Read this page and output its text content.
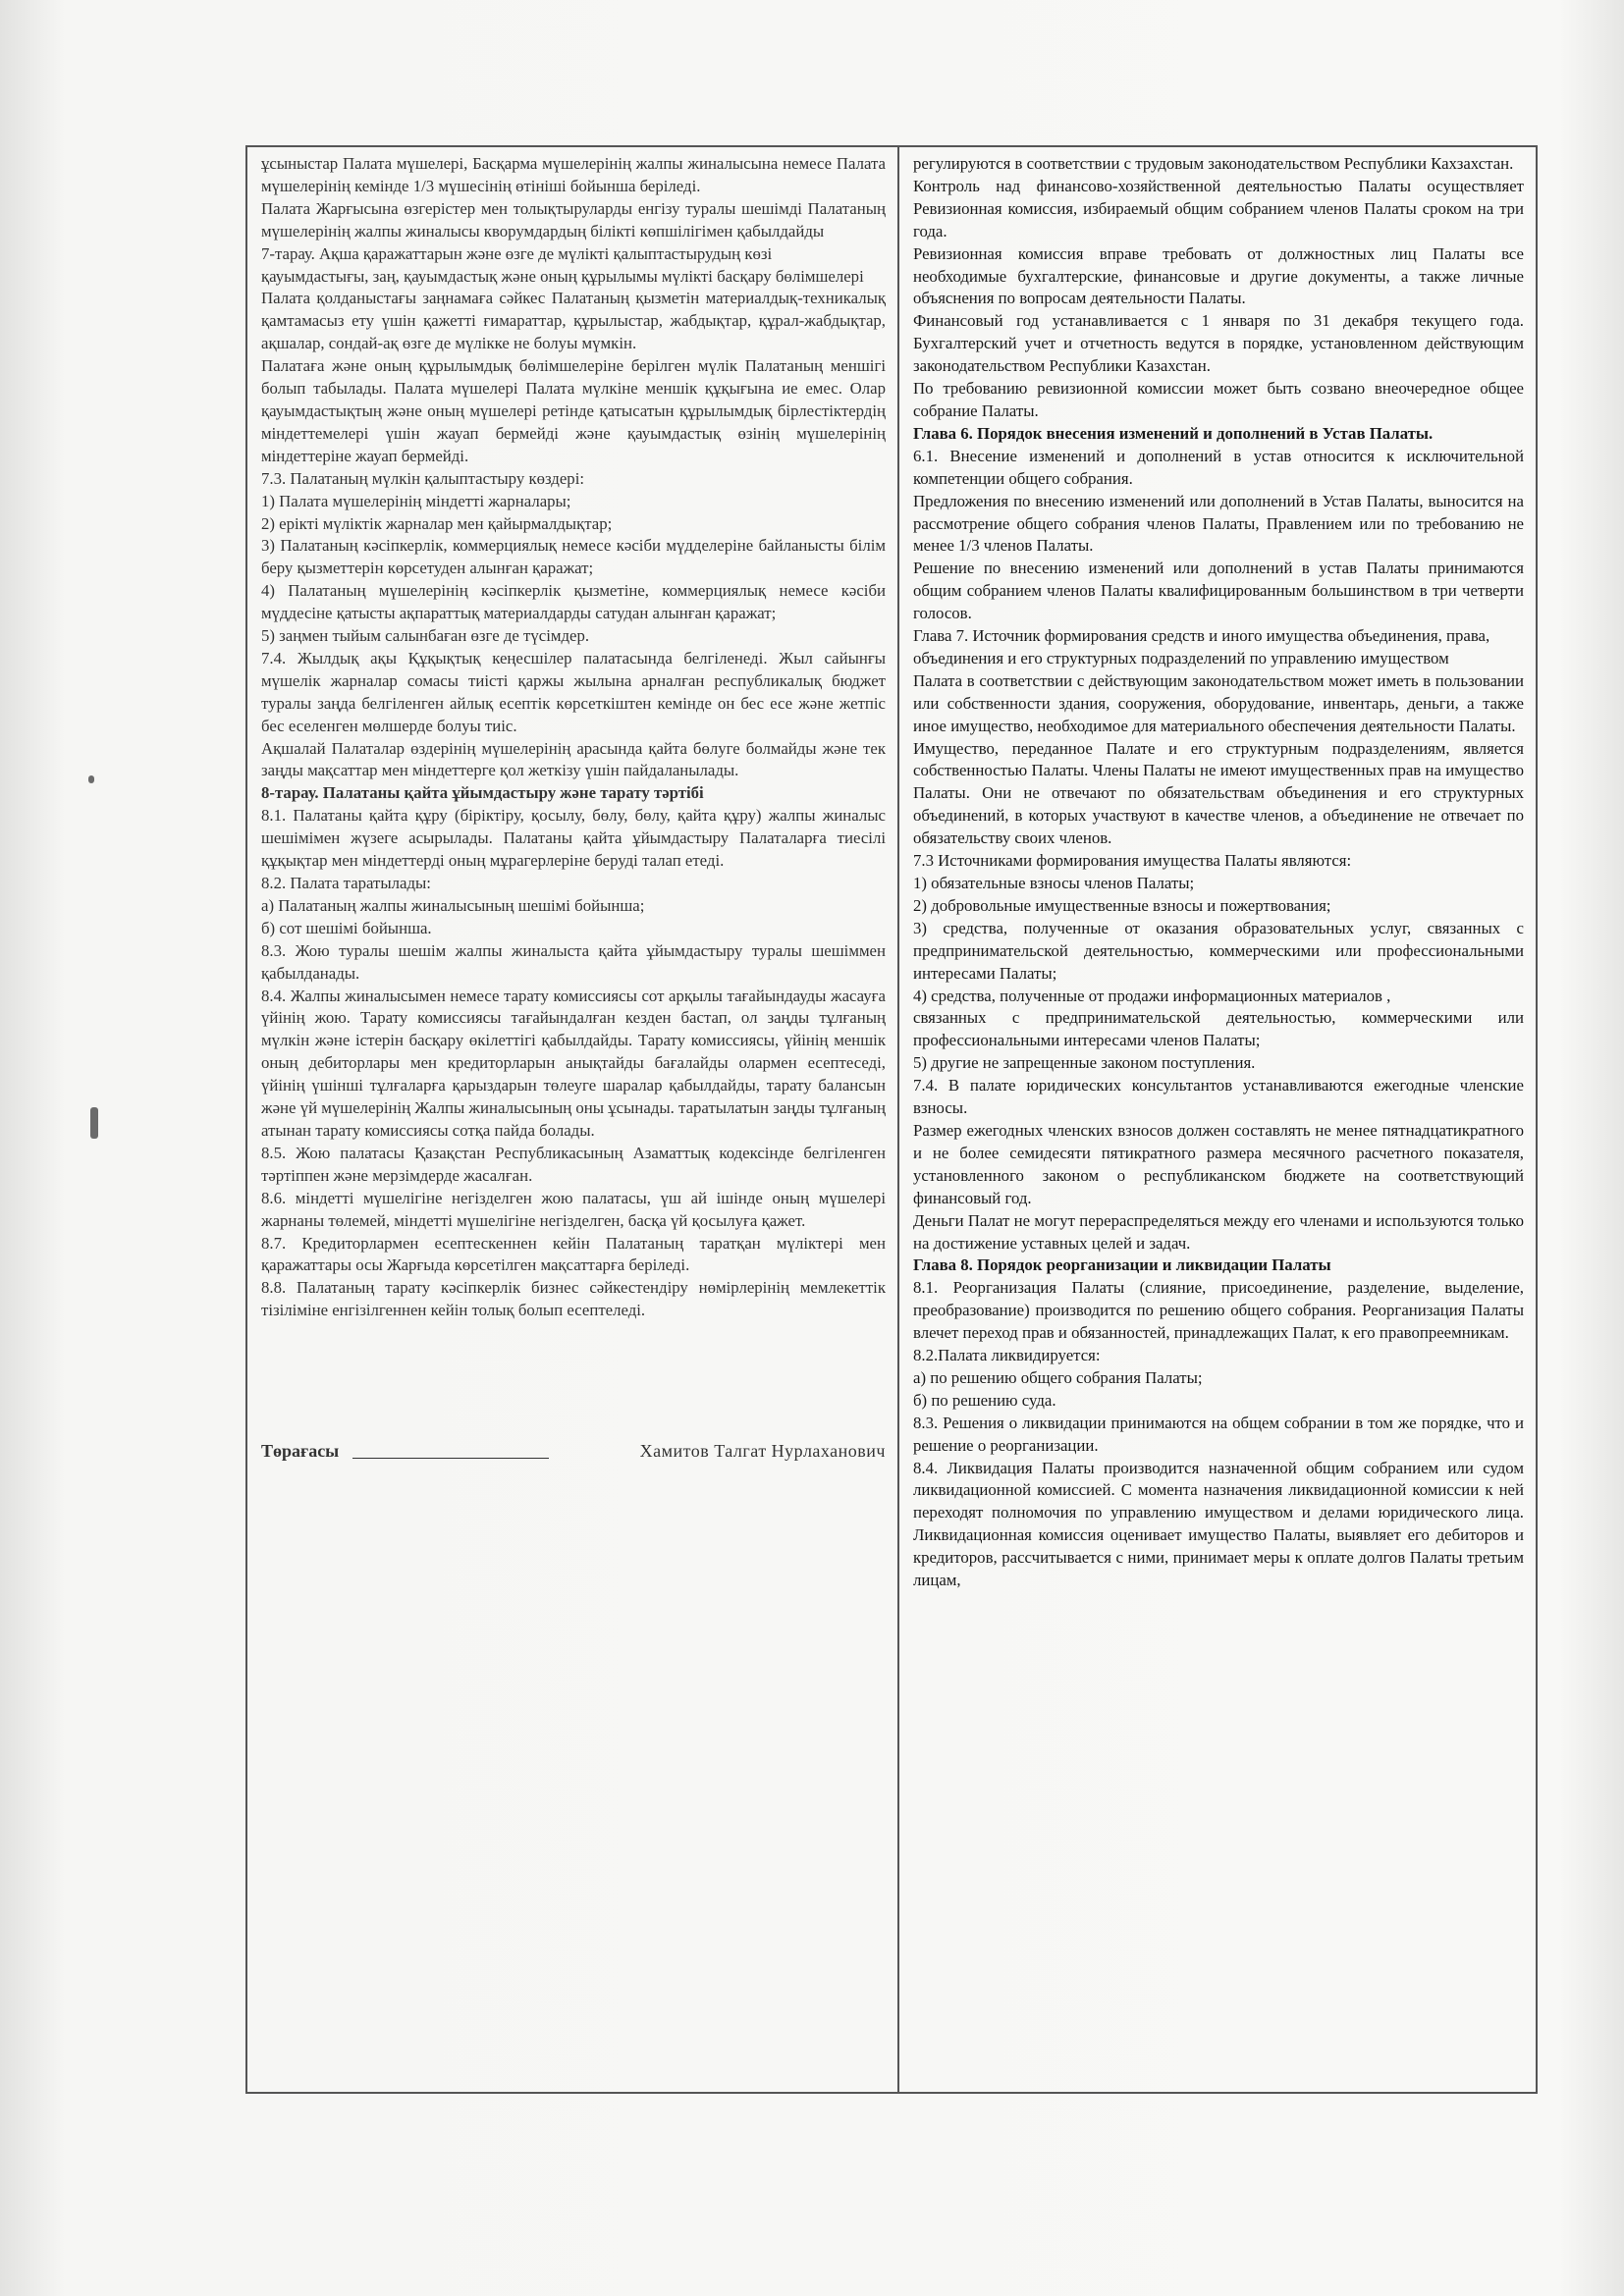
ұсыныстар Палата мүшелері, Басқарма мүшелерінің жалпы жиналысына немесе Палата мүшелерінің кемінде 1/3 мүшесінің өтініші бойынша беріледі.

Палата Жарғысына өзгерістер мен толықтыруларды енгізу туралы шешімді Палатаның мүшелерінің жалпы жиналысы кворумдардың білікті көпшілігімен қабылдайды

7-тарау. Ақша қаражаттарын және өзге де мүлікті қалыптастырудың көзі

қауымдастығы, заң, қауымдастық және оның құрылымы мүлікті басқару бөлімшелері

Палата қолданыстағы заңнамаға сәйкес Палатаның қызметін материалдық-техникалық қамтамасыз ету үшін қажетті ғимараттар, құрылыстар, жабдықтар, құрал-жабдықтар, ақшалар, сондай-ақ өзге де мүлікке не болуы мүмкін.

Палатаға және оның құрылымдық бөлімшелеріне берілген мүлік Палатаның меншігі болып табылады. Палата мүшелері Палата мүлкіне меншік құқығына ие емес. Олар қауымдастықтың және оның мүшелері ретінде қатысатын құрылымдық бірлестіктердің міндеттемелері үшін жауап бермейді және қауымдастық өзінің мүшелерінің міндеттеріне жауап бермейді.

7.3. Палатаның мүлкін қалыптастыру көздері:

1) Палата мүшелерінің міндетті жарналары;

2) ерікті мүліктік жарналар мен қайырмалдықтар;

3) Палатаның кәсіпкерлік, коммерциялық немесе кәсіби мүдделеріне байланысты білім беру қызметтерін көрсетуден алынған қаражат;

4) Палатаның мүшелерінің кәсіпкерлік қызметіне, коммерциялық немесе кәсіби мүддесіне қатысты ақпараттық материалдарды сатудан алынған қаражат;

5) заңмен тыйым салынбаған өзге де түсімдер.

7.4. Жылдық ақы Құқықтық кеңесшілер палатасында белгіленеді. Жыл сайынғы мүшелік жарналар сомасы тиісті қаржы жылына арналған республикалық бюджет туралы заңда белгіленген айлық есептік көрсеткіштен кемінде он бес есе және жетпіс бес еселенген мөлшерде болуы тиіс.

Ақшалай Палаталар өздерінің мүшелерінің арасында қайта бөлуге болмайды және тек заңды мақсаттар мен міндеттерге қол жеткізу үшін пайдаланылады.

8-тарау. Палатаны қайта ұйымдастыру және тарату тәртібі

8.1. Палатаны қайта құру (біріктіру, қосылу, бөлу, бөлу, қайта құру) жалпы жиналыс шешімімен жүзеге асырылады. Палатаны қайта ұйымдастыру Палаталарға тиесілі құқықтар мен міндеттерді оның мұрагерлеріне беруді талап етеді.

8.2. Палата таратылады:

а) Палатаның жалпы жиналысының шешімі бойынша;

б) сот шешімі бойынша.

8.3. Жою туралы шешім жалпы жиналыста қайта ұйымдастыру туралы шешіммен қабылданады.

8.4. Жалпы жиналысымен немесе тарату комиссиясы сот арқылы тағайындауды жасауға үйінің жою. Тарату комиссиясы тағайындалған кезден бастап, ол заңды тұлғаның мүлкін және істерін басқару өкілеттігі қабылдайды. Тарату комиссиясы, үйінің меншік оның дебиторлары мен кредиторларын анықтайды бағалайды олармен есептеседі, үйінің үшінші тұлғаларға қарыздарын төлеуге шаралар қабылдайды, тарату балансын және үй мүшелерінің Жалпы жиналысының оны ұсынады. таратылатын заңды тұлғаның атынан тарату комиссиясы сотқа пайда болады.

8.5. Жою палатасы Қазақстан Республикасының Азаматтық кодексінде белгіленген тәртіппен және мерзімдерде жасалған.

8.6. міндетті мүшелігіне негізделген жою палатасы, үш ай ішінде оның мүшелері жарнаны төлемей, міндетті мүшелігіне негізделген, басқа үй қосылуға қажет.

8.7. Кредиторлармен есептескеннен кейін Палатаның таратқан мүліктері мен қаражаттары осы Жарғыда көрсетілген мақсаттарға беріледі.

8.8. Палатаның тарату кәсіпкерлік бизнес сәйкестендіру нөмірлерінің мемлекеттік тізіліміне енгізілгеннен кейін толық болып есептеледі.

Төрағасы	Хамитов Талгат Нурлаханович

регулируются в соответствии с трудовым законодательством Республики Кахзахстан.

Контроль над финансово-хозяйственной деятельностью Палаты осуществляет Ревизионная комиссия, избираемый общим собранием членов Палаты сроком на три года.

Ревизионная комиссия вправе требовать от должностных лиц Палаты все необходимые бухгалтерские, финансовые и другие документы, а также личные объяснения по вопросам деятельности Палаты.

Финансовый год устанавливается с 1 января по 31 декабря текущего года. Бухгалтерский учет и отчетность ведутся в порядке, установленном действующим законодательством Республики Казахстан.

По требованию ревизионной комиссии может быть созвано внеочередное общее собрание Палаты.

Глава 6. Порядок внесения изменений и дополнений в Устав Палаты.

6.1. Внесение изменений и дополнений в устав относится к исключительной компетенции общего собрания.

Предложения по внесению изменений или дополнений в Устав Палаты, выносится на рассмотрение общего собрания членов Палаты, Правлением или по требованию не менее 1/3 членов Палаты.

Решение по внесению изменений или дополнений в устав Палаты принимаются общим собранием членов Палаты квалифицированным большинством в три четверти голосов.

Глава 7. Источник формирования средств и иного имущества объединения, права, объединения и его структурных подразделений по управлению имуществом

Палата в соответствии с действующим законодательством может иметь в пользовании или собственности здания, сооружения, оборудование, инвентарь, деньги, а также иное имущество, необходимое для материального обеспечения деятельности Палаты.

Имущество, переданное Палате и его структурным подразделениям, является собственностью Палаты. Члены Палаты не имеют имущественных прав на имущество Палаты. Они не отвечают по обязательствам объединения и его структурных объединений, в которых участвуют в качестве членов, а объединение не отвечает по обязательству своих членов.

7.3 Источниками формирования имущества Палаты являются:

1) обязательные взносы членов Палаты;

2) добровольные имущественные взносы и пожертвования;

3) средства, полученные от оказания образовательных услуг, связанных с предпринимательской деятельностью, коммерческими или профессиональными интересами Палаты;

4) средства, полученные от продажи информационных материалов ,

связанных с предпринимательской деятельностью, коммерческими или профессиональными интересами членов Палаты;

5) другие не запрещенные законом поступления.

7.4. В палате юридических консультантов устанавливаются ежегодные членские взносы.

Размер ежегодных членских взносов должен составлять не менее пятнадцатикратного и не более семидесяти пятикратного размера месячного расчетного показателя, установленного законом о республиканском бюджете на соответствующий финансовый год.

Деньги Палат не могут перераспределяться между его членами и используются только на достижение уставных целей и задач.

Глава 8. Порядок реорганизации и ликвидации Палаты

8.1. Реорганизация Палаты (слияние, присоединение, разделение, выделение, преобразование) производится по решению общего собрания. Реорганизация Палаты влечет переход прав и обязанностей, принадлежащих Палат, к его правопреемникам.

8.2.Палата ликвидируется:

а) по решению общего собрания Палаты;

б) по решению суда.

8.3. Решения о ликвидации принимаются на общем собрании в том же порядке, что и решение о реорганизации.

8.4. Ликвидация Палаты производится назначенной общим собранием или судом ликвидационной комиссией. С момента назначения ликвидационной комиссии к ней переходят полномочия по управлению имуществом и делами юридического лица. Ликвидационная комиссия оценивает имущество Палаты, выявляет его дебиторов и кредиторов, рассчитывается с ними, принимает меры к оплате долгов Палаты третьим лицам,
